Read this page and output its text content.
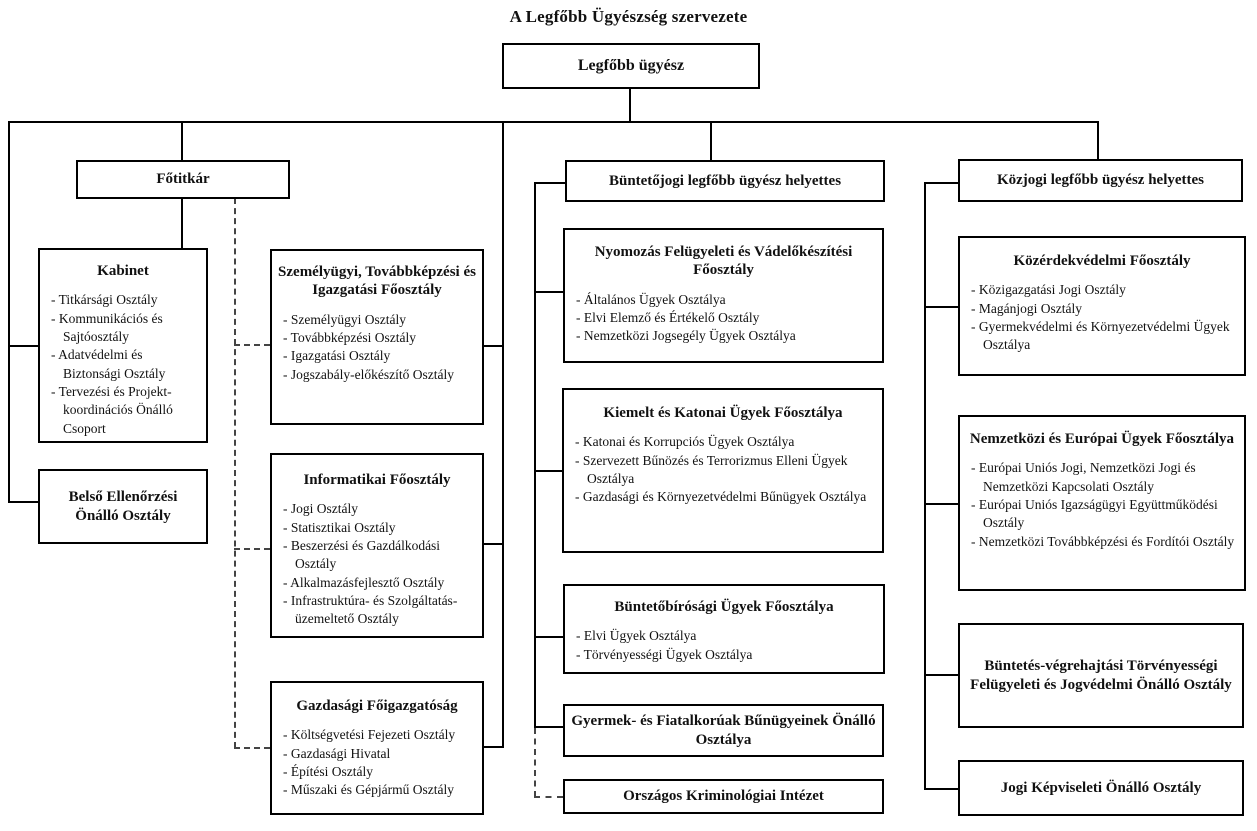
A Legfőbb Ügyészség szervezete
Legfőbb ügyész
Főtitkár
Kabinet
- Titkársági Osztály
- Kommunikációs és Sajtóosztály
- Adatvédelmi és Biztonsági Osztály
- Tervezési és Projekt-koordinációs Önálló Csoport
Belső Ellenőrzési Önálló Osztály
Személyügyi, Továbbképzési és Igazgatási Főosztály
- Személyügyi Osztály
- Továbbképzési Osztály
- Igazgatási Osztály
- Jogszabály-előkészítő Osztály
Informatikai Főosztály
- Jogi Osztály
- Statisztikai Osztály
- Beszerzési és Gazdálkodási Osztály
- Alkalmazásfejlesztő Osztály
- Infrastruktúra- és Szolgáltatás-üzemeltető Osztály
Gazdasági Főigazgatóság
- Költségvetési Fejezeti Osztály
- Gazdasági Hivatal
- Építési Osztály
- Műszaki és Gépjármű Osztály
Büntetőjogi legfőbb ügyész helyettes
Nyomozás Felügyeleti és Vádelőkészítési Főosztály
- Általános Ügyek Osztálya
- Elvi Elemző és Értékelő Osztály
- Nemzetközi Jogsegély Ügyek Osztálya
Kiemelt és Katonai Ügyek Főosztálya
- Katonai és Korrupciós Ügyek Osztálya
- Szervezett Bűnözés és Terrorizmus Elleni Ügyek Osztálya
- Gazdasági és Környezetvédelmi Bűnügyek Osztálya
Büntetőbírósági Ügyek Főosztálya
- Elvi Ügyek Osztálya
- Törvényességi Ügyek Osztálya
Gyermek- és Fiatalkorúak Bűnügyeinek Önálló Osztálya
Országos Kriminológiai Intézet
Közjogi legfőbb ügyész helyettes
Közérdekvédelmi Főosztály
- Közigazgatási Jogi Osztály
- Magánjogi Osztály
- Gyermekvédelmi és Környezetvédelmi Ügyek Osztálya
Nemzetközi és Európai Ügyek Főosztálya
- Európai Uniós Jogi, Nemzetközi Jogi és Nemzetközi Kapcsolati Osztály
- Európai Uniós Igazságügyi Együttműködési Osztály
- Nemzetközi Továbbképzési és Fordítói Osztály
Büntetés-végrehajtási Törvényességi Felügyeleti és Jogvédelmi Önálló Osztály
Jogi Képviseleti Önálló Osztály
